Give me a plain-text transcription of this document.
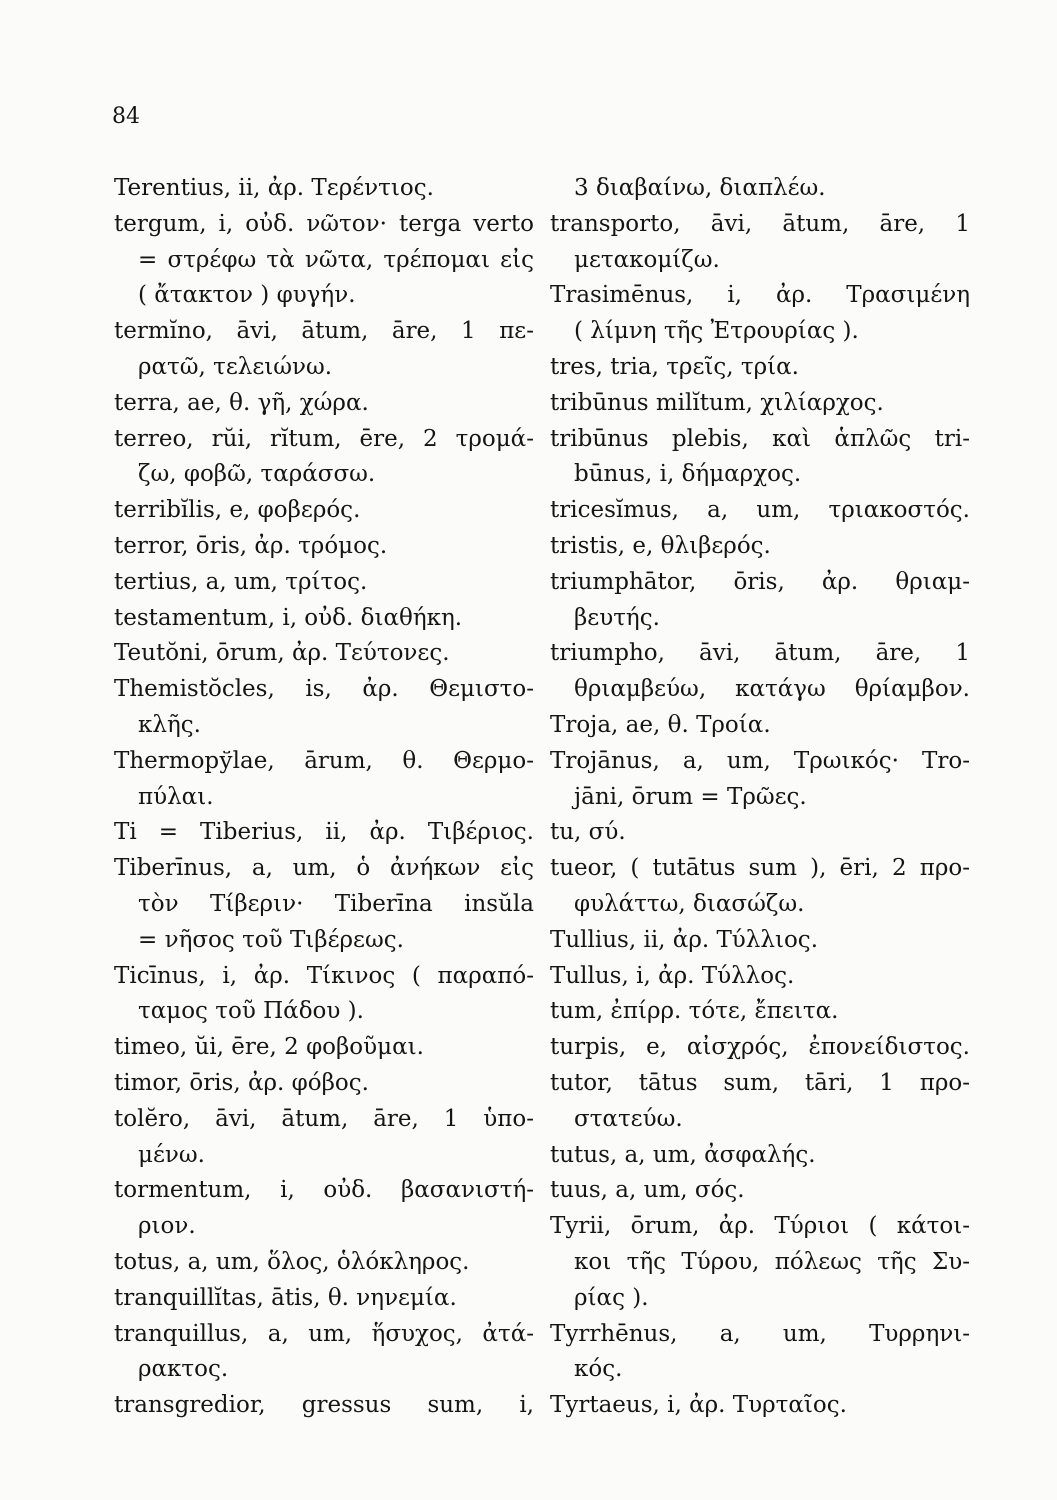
84
Terentius, ii, ἀρ. Τερέντιος.
tergum, i, οὐδ. νῶτον· terga verto
= στρέφω τὰ νῶτα, τρέπομαι εἰς
( ἄτακτον ) φυγήν.
termĭno, āvi, ātum, āre, 1 πε-
ρατῶ, τελειώνω.
terra, ae, θ. γῆ, χώρα.
terreo, rŭi, rĭtum, ēre, 2 τρομά-
ζω, φοβῶ, ταράσσω.
terribĭlis, e, φοβερός.
terror, ōris, ἀρ. τρόμος.
tertius, a, um, τρίτος.
testamentum, i, οὐδ. διαθήκη.
Teutŏni, ōrum, ἀρ. Τεύτονες.
Themistŏcles, is, ἀρ. Θεμιστο-
κλῆς.
Thermopўlae, ārum, θ. Θερμο-
πύλαι.
Ti = Tiberius, ii, ἀρ. Τιβέριος.
Tiberīnus, a, um, ὁ ἀνήκων εἰς
τὸν Τίβεριν· Tiberīna insŭla
= νῆσος τοῦ Τιβέρεως.
Ticīnus, i, ἀρ. Τίκινος ( παραπό-
ταμος τοῦ Πάδου ).
timeo, ŭi, ēre, 2 φοβοῦμαι.
timor, ōris, ἀρ. φόβος.
tolĕro, āvi, ātum, āre, 1 ὑπο-
μένω.
tormentum, i, οὐδ. βασανιστή-
ριον.
totus, a, um, ὅλος, ὁλόκληρος.
tranquillĭtas, ātis, θ. νηνεμία.
tranquillus, a, um, ἥσυχος, ἀτά-
ρακτος.
transgredior, gressus sum, i,
3 διαβαίνω, διαπλέω.
transporto, āvi, ātum, āre, 1
μετακομίζω.
Trasimēnus, i, ἀρ. Τρασιμένη
( λίμνη τῆς Ἐτρουρίας ).
tres, tria, τρεῖς, τρία.
tribūnus milĭtum, χιλίαρχος.
tribūnus plebis, καὶ ἁπλῶς tri-
būnus, i, δήμαρχος.
tricesĭmus, a, um, τριακοστός.
tristis, e, θλιβερός.
triumphātor, ōris, ἀρ. θριαμ-
βευτής.
triumpho, āvi, ātum, āre, 1
θριαμβεύω, κατάγω θρίαμβον.
Troja, ae, θ. Τροία.
Trojānus, a, um, Τρωικός· Tro-
jāni, ōrum = Τρῶες.
tu, σύ.
tueor, ( tutātus sum ), ēri, 2 προ-
φυλάττω, διασώζω.
Tullius, ii, ἀρ. Τύλλιος.
Tullus, i, ἀρ. Τύλλος.
tum, ἐπίρρ. τότε, ἔπειτα.
turpis, e, αἰσχρός, ἐπονείδιστος.
tutor, tātus sum, tāri, 1 προ-
στατεύω.
tutus, a, um, ἀσφαλής.
tuus, a, um, σός.
Tyrii, ōrum, ἀρ. Τύριοι ( κάτοι-
κοι τῆς Τύρου, πόλεως τῆς Συ-
ρίας ).
Tyrrhēnus, a, um, Τυρρηνι-
κός.
Tyrtaeus, i, ἀρ. Τυρταῖος.
